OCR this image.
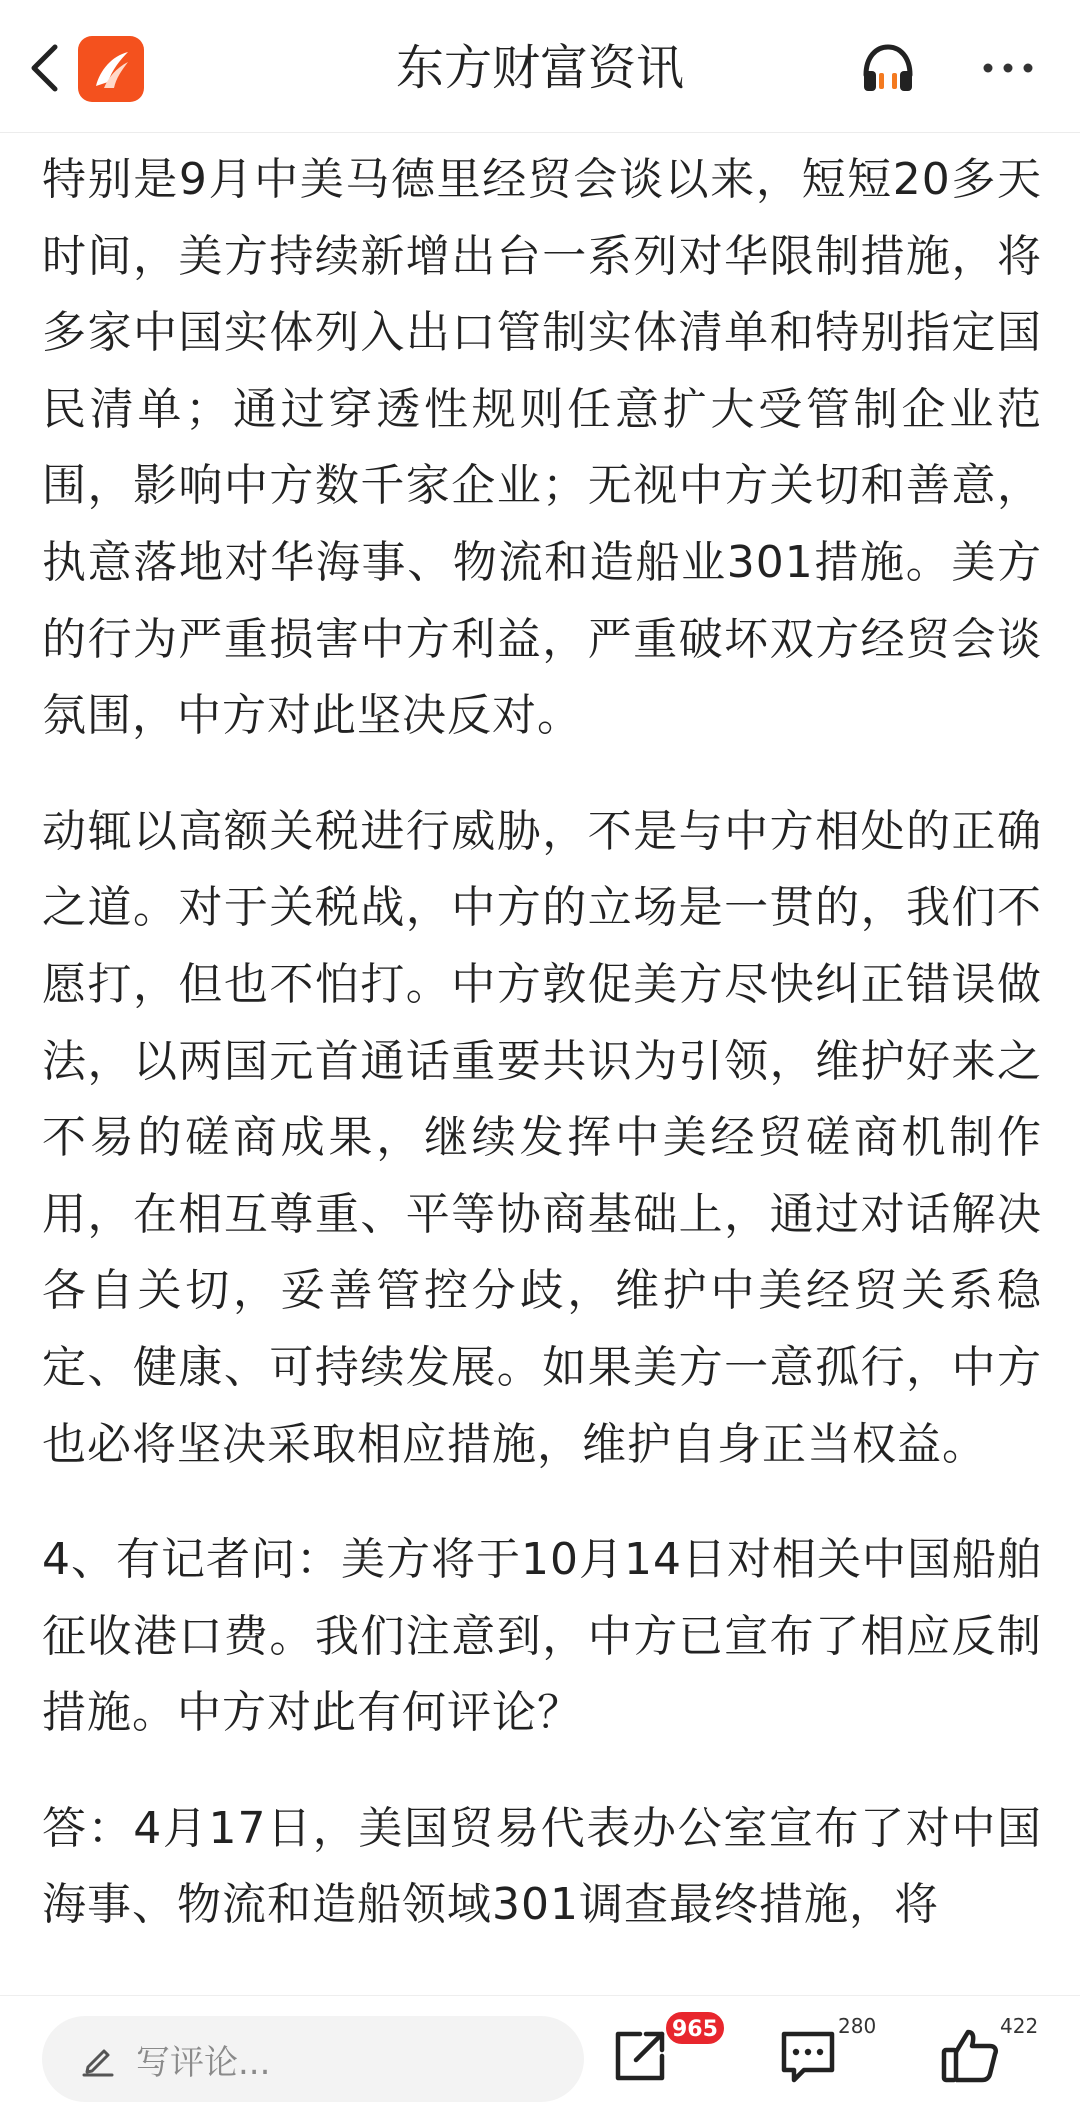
东方财富资讯

特别是9月中美马德里经贸会谈以来，短短20多天时间，美方持续新增出台一系列对华限制措施，将多家中国实体列入出口管制实体清单和特别指定国民清单；通过穿透性规则任意扩大受管制企业范围，影响中方数千家企业；无视中方关切和善意，执意落地对华海事、物流和造船业301措施。美方的行为严重损害中方利益，严重破坏双方经贸会谈氛围，中方对此坚决反对。

动辄以高额关税进行威胁，不是与中方相处的正确之道。对于关税战，中方的立场是一贯的，我们不愿打，但也不怕打。中方敦促美方尽快纠正错误做法，以两国元首通话重要共识为引领，维护好来之不易的磋商成果，继续发挥中美经贸磋商机制作用，在相互尊重、平等协商基础上，通过对话解决各自关切，妥善管控分歧，维护中美经贸关系稳定、健康、可持续发展。如果美方一意孤行，中方也必将坚决采取相应措施，维护自身正当权益。

4、有记者问：美方将于10月14日对相关中国船舶征收港口费。我们注意到，中方已宣布了相应反制措施。中方对此有何评论？

答：4月17日，美国贸易代表办公室宣布了对中国海事、物流和造船领域301调查最终措施，将

写评论...
965	280	422
